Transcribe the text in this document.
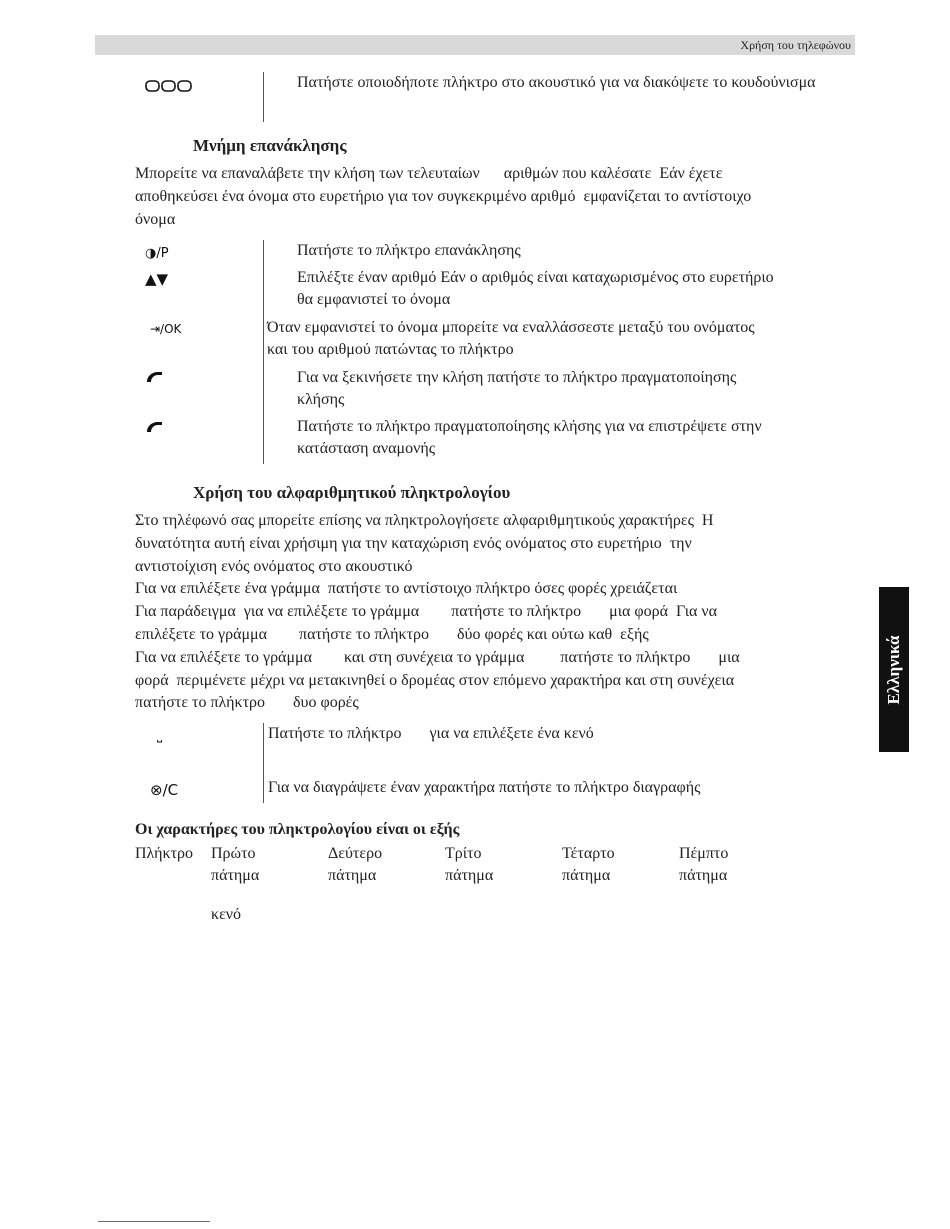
Χρήση του τηλεφώνου
Πατήστε οποιοδήποτε πλήκτρο στο ακουστικό για να διακόψετε το κουδούνισμα
Μνήμη επανάκλησης
Μπορείτε να επαναλάβετε την κλήση των τελευταίων      αριθμών που καλέσατε  Εάν έχετε
αποθηκεύσει ένα όνομα στο ευρετήριο για τον συγκεκριμένο αριθμό  εμφανίζεται το αντίστοιχο
όνομα
◑/P	Πατήστε το πλήκτρο επανάκλησης
▲▼	Επιλέξτε έναν αριθμό Εάν ο αριθμός είναι καταχωρισμένος στο ευρετήριο
θα εμφανιστεί το όνομα
⇥/OK	Όταν εμφανιστεί το όνομα μπορείτε να εναλλάσσεστε μεταξύ του ονόματος
και του αριθμού πατώντας το πλήκτρο
Για να ξεκινήσετε την κλήση πατήστε το πλήκτρο πραγματοποίησης
κλήσης
Πατήστε το πλήκτρο πραγματοποίησης κλήσης για να επιστρέψετε στην
κατάσταση αναμονής
Χρήση του αλφαριθμητικού πληκτρολογίου
Στο τηλέφωνό σας μπορείτε επίσης να πληκτρολογήσετε αλφαριθμητικούς χαρακτήρες  Η
δυνατότητα αυτή είναι χρήσιμη για την καταχώριση ενός ονόματος στο ευρετήριο  την
αντιστοίχιση ενός ονόματος στο ακουστικό
Για να επιλέξετε ένα γράμμα  πατήστε το αντίστοιχο πλήκτρο όσες φορές χρειάζεται
Για παράδειγμα  για να επιλέξετε το γράμμα        πατήστε το πλήκτρο       μια φορά  Για να
επιλέξετε το γράμμα        πατήστε το πλήκτρο       δύο φορές και ούτω καθ  εξής
Για να επιλέξετε το γράμμα        και στη συνέχεια το γράμμα         πατήστε το πλήκτρο       μια
φορά  περιμένετε μέχρι να μετακινηθεί ο δρομέας στον επόμενο χαρακτήρα και στη συνέχεια
πατήστε το πλήκτρο       δυο φορές
⎵	Πατήστε το πλήκτρο       για να επιλέξετε ένα κενό
⊗/C	Για να διαγράψετε έναν χαρακτήρα πατήστε το πλήκτρο διαγραφής
Οι χαρακτήρες του πληκτρολογίου είναι οι εξής
Πλήκτρο Πρώτο
πάτημα
Δεύτερο
πάτημα
Τρίτο
πάτημα
Τέταρτο
πάτημα
Πέμπτο
πάτημα
κενό
Ελληνικά
